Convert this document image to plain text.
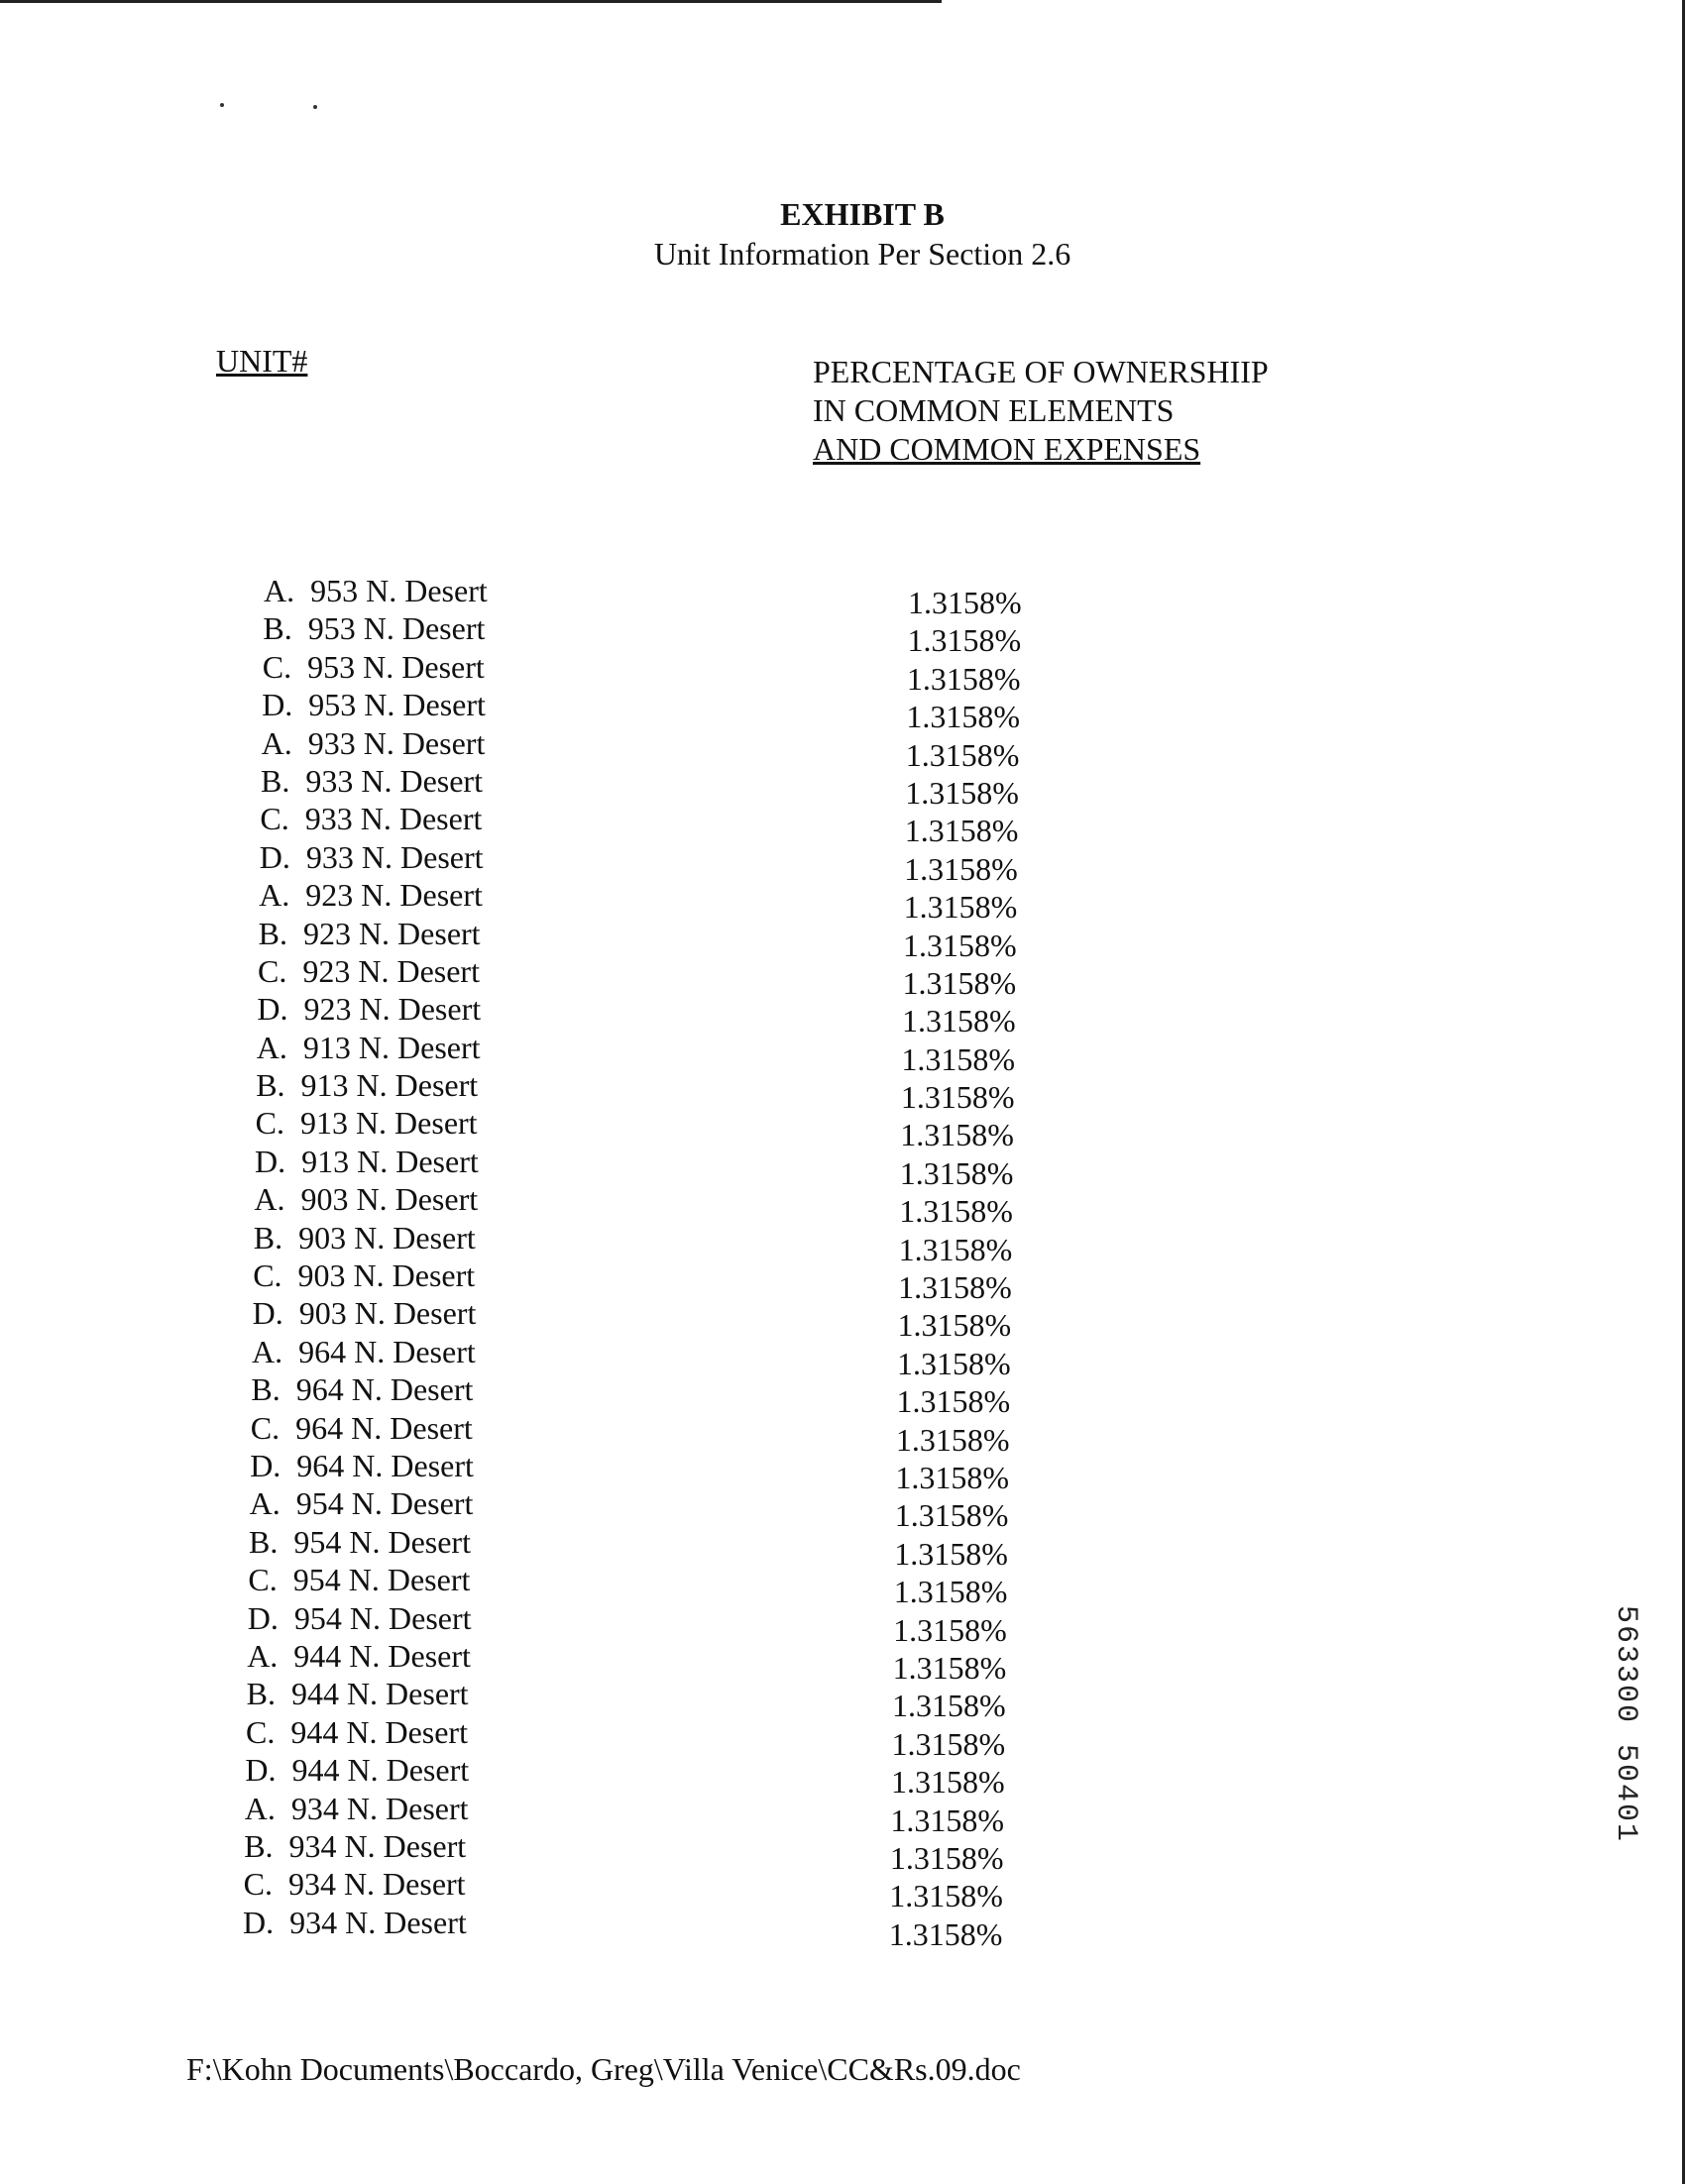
EXHIBIT B
Unit Information Per Section 2.6
UNIT#	PERCENTAGE OF OWNERSHIIP
IN COMMON ELEMENTS
AND COMMON EXPENSES
A.  953 N. Desert	1.3158%
B.  953 N. Desert	1.3158%
C.  953 N. Desert	1.3158%
D.  953 N. Desert	1.3158%
A.  933 N. Desert	1.3158%
B.  933 N. Desert	1.3158%
C.  933 N. Desert	1.3158%
D.  933 N. Desert	1.3158%
A.  923 N. Desert	1.3158%
B.  923 N. Desert	1.3158%
C.  923 N. Desert	1.3158%
D.  923 N. Desert	1.3158%
A.  913 N. Desert	1.3158%
B.  913 N. Desert	1.3158%
C.  913 N. Desert	1.3158%
D.  913 N. Desert	1.3158%
A.  903 N. Desert	1.3158%
B.  903 N. Desert	1.3158%
C.  903 N. Desert	1.3158%
D.  903 N. Desert	1.3158%
A.  964 N. Desert	1.3158%
B.  964 N. Desert	1.3158%
C.  964 N. Desert	1.3158%
D.  964 N. Desert	1.3158%
A.  954 N. Desert	1.3158%
B.  954 N. Desert	1.3158%
C.  954 N. Desert	1.3158%
D.  954 N. Desert	1.3158%
A.  944 N. Desert	1.3158%
B.  944 N. Desert	1.3158%
C.  944 N. Desert	1.3158%
D.  944 N. Desert	1.3158%
A.  934 N. Desert	1.3158%
B.  934 N. Desert	1.3158%
C.  934 N. Desert	1.3158%
D.  934 N. Desert	1.3158%
F:\Kohn Documents\Boccardo, Greg\Villa Venice\CC&Rs.09.doc
563300 50401
